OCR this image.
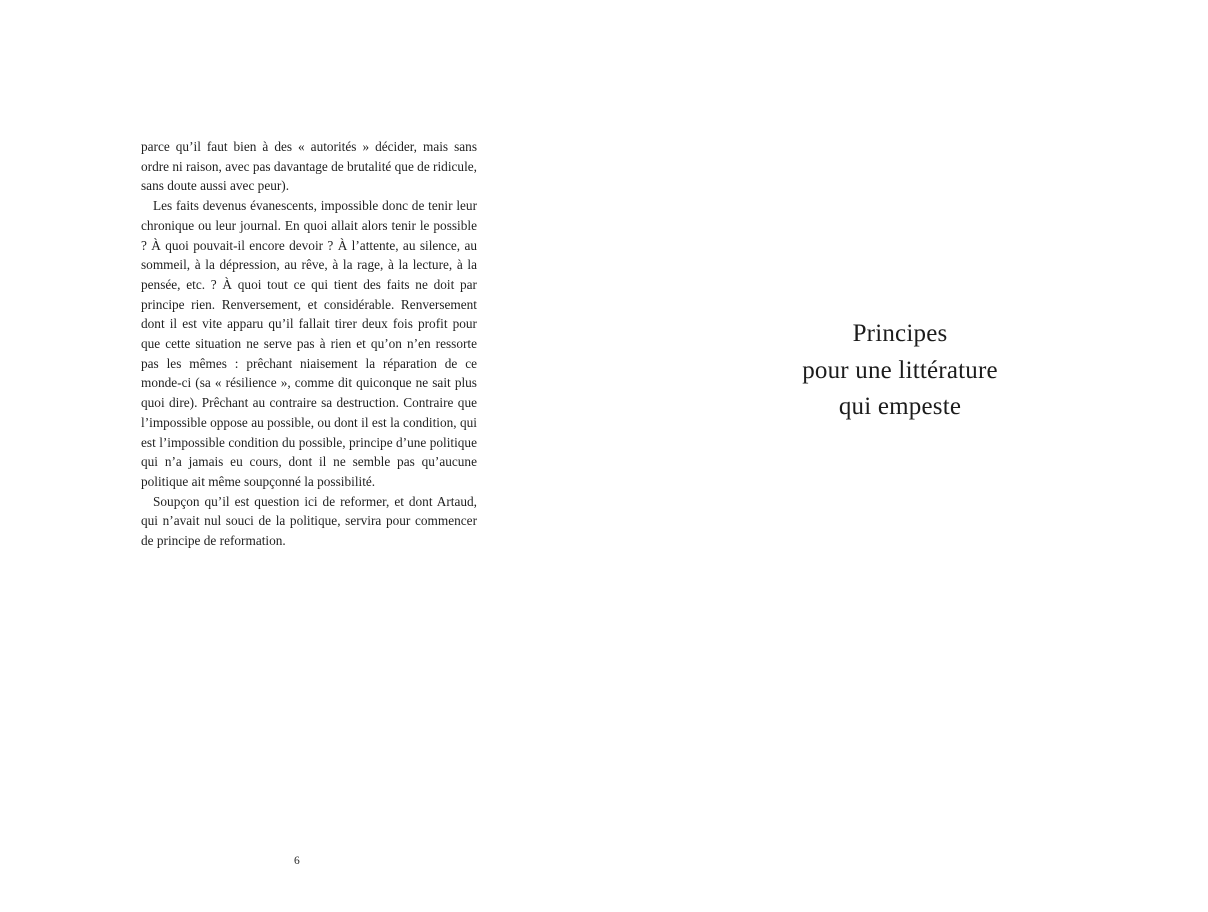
parce qu’il faut bien à des « autorités » décider, mais sans ordre ni raison, avec pas davantage de brutalité que de ridicule, sans doute aussi avec peur).

Les faits devenus évanescents, impossible donc de tenir leur chronique ou leur journal. En quoi allait alors tenir le possible ? À quoi pouvait-il encore devoir ? À l’attente, au silence, au sommeil, à la dépression, au rêve, à la rage, à la lecture, à la pensée, etc. ? À quoi tout ce qui tient des faits ne doit par principe rien. Renversement, et considérable. Renversement dont il est vite apparu qu’il fallait tirer deux fois profit pour que cette situation ne serve pas à rien et qu’on n’en ressorte pas les mêmes : prêchant niaisement la réparation de ce monde-ci (sa « résilience », comme dit quiconque ne sait plus quoi dire). Prêchant au contraire sa destruction. Contraire que l’impossible oppose au possible, ou dont il est la condition, qui est l’impossible condition du possible, principe d’une politique qui n’a jamais eu cours, dont il ne semble pas qu’aucune politique ait même soupçonné la possibilité.

Soupçon qu’il est question ici de reformer, et dont Artaud, qui n’avait nul souci de la politique, servira pour commencer de principe de reformation.

6
Principes
pour une littérature
qui empeste
